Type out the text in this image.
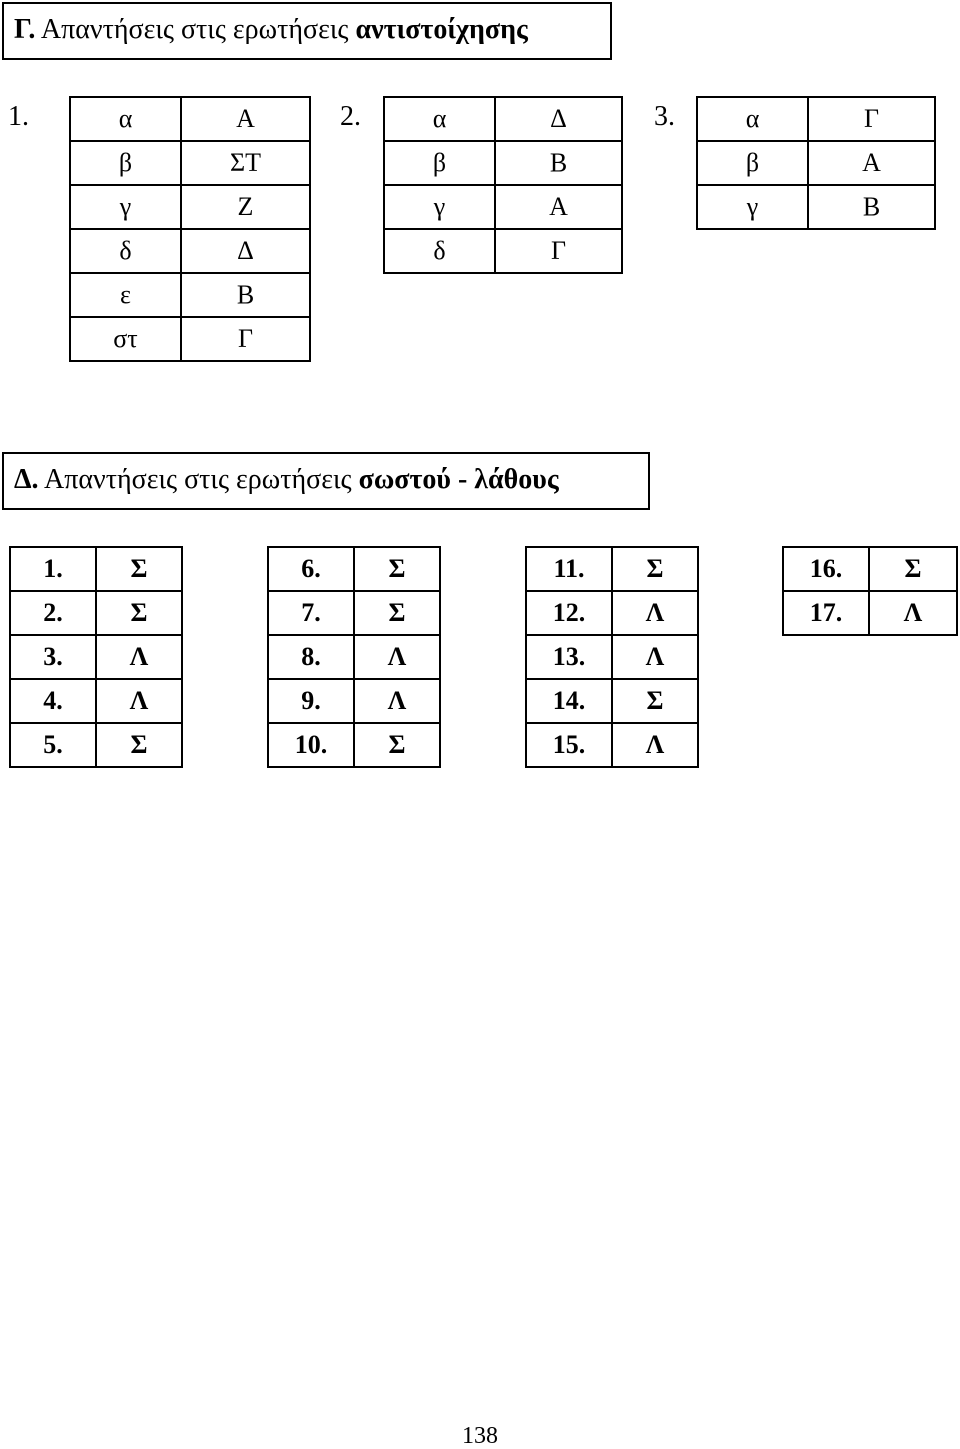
Γ. Απαντήσεις στις ερωτήσεις αντιστοίχησης
1.	α	Α
β	ΣΤ
γ	Ζ
δ	Δ
ε	Β
στ	Γ
2.	α	Δ
β	Β
γ	Α
δ	Γ
3.	α	Γ
β	Α
γ	Β
Δ. Απαντήσεις στις ερωτήσεις σωστού - λάθους
1.	Σ
2.	Σ
3.	Λ
4.	Λ
5.	Σ
6.	Σ
7.	Σ
8.	Λ
9.	Λ
10.	Σ
11.	Σ
12.	Λ
13.	Λ
14.	Σ
15.	Λ
16.	Σ
17.	Λ
138
